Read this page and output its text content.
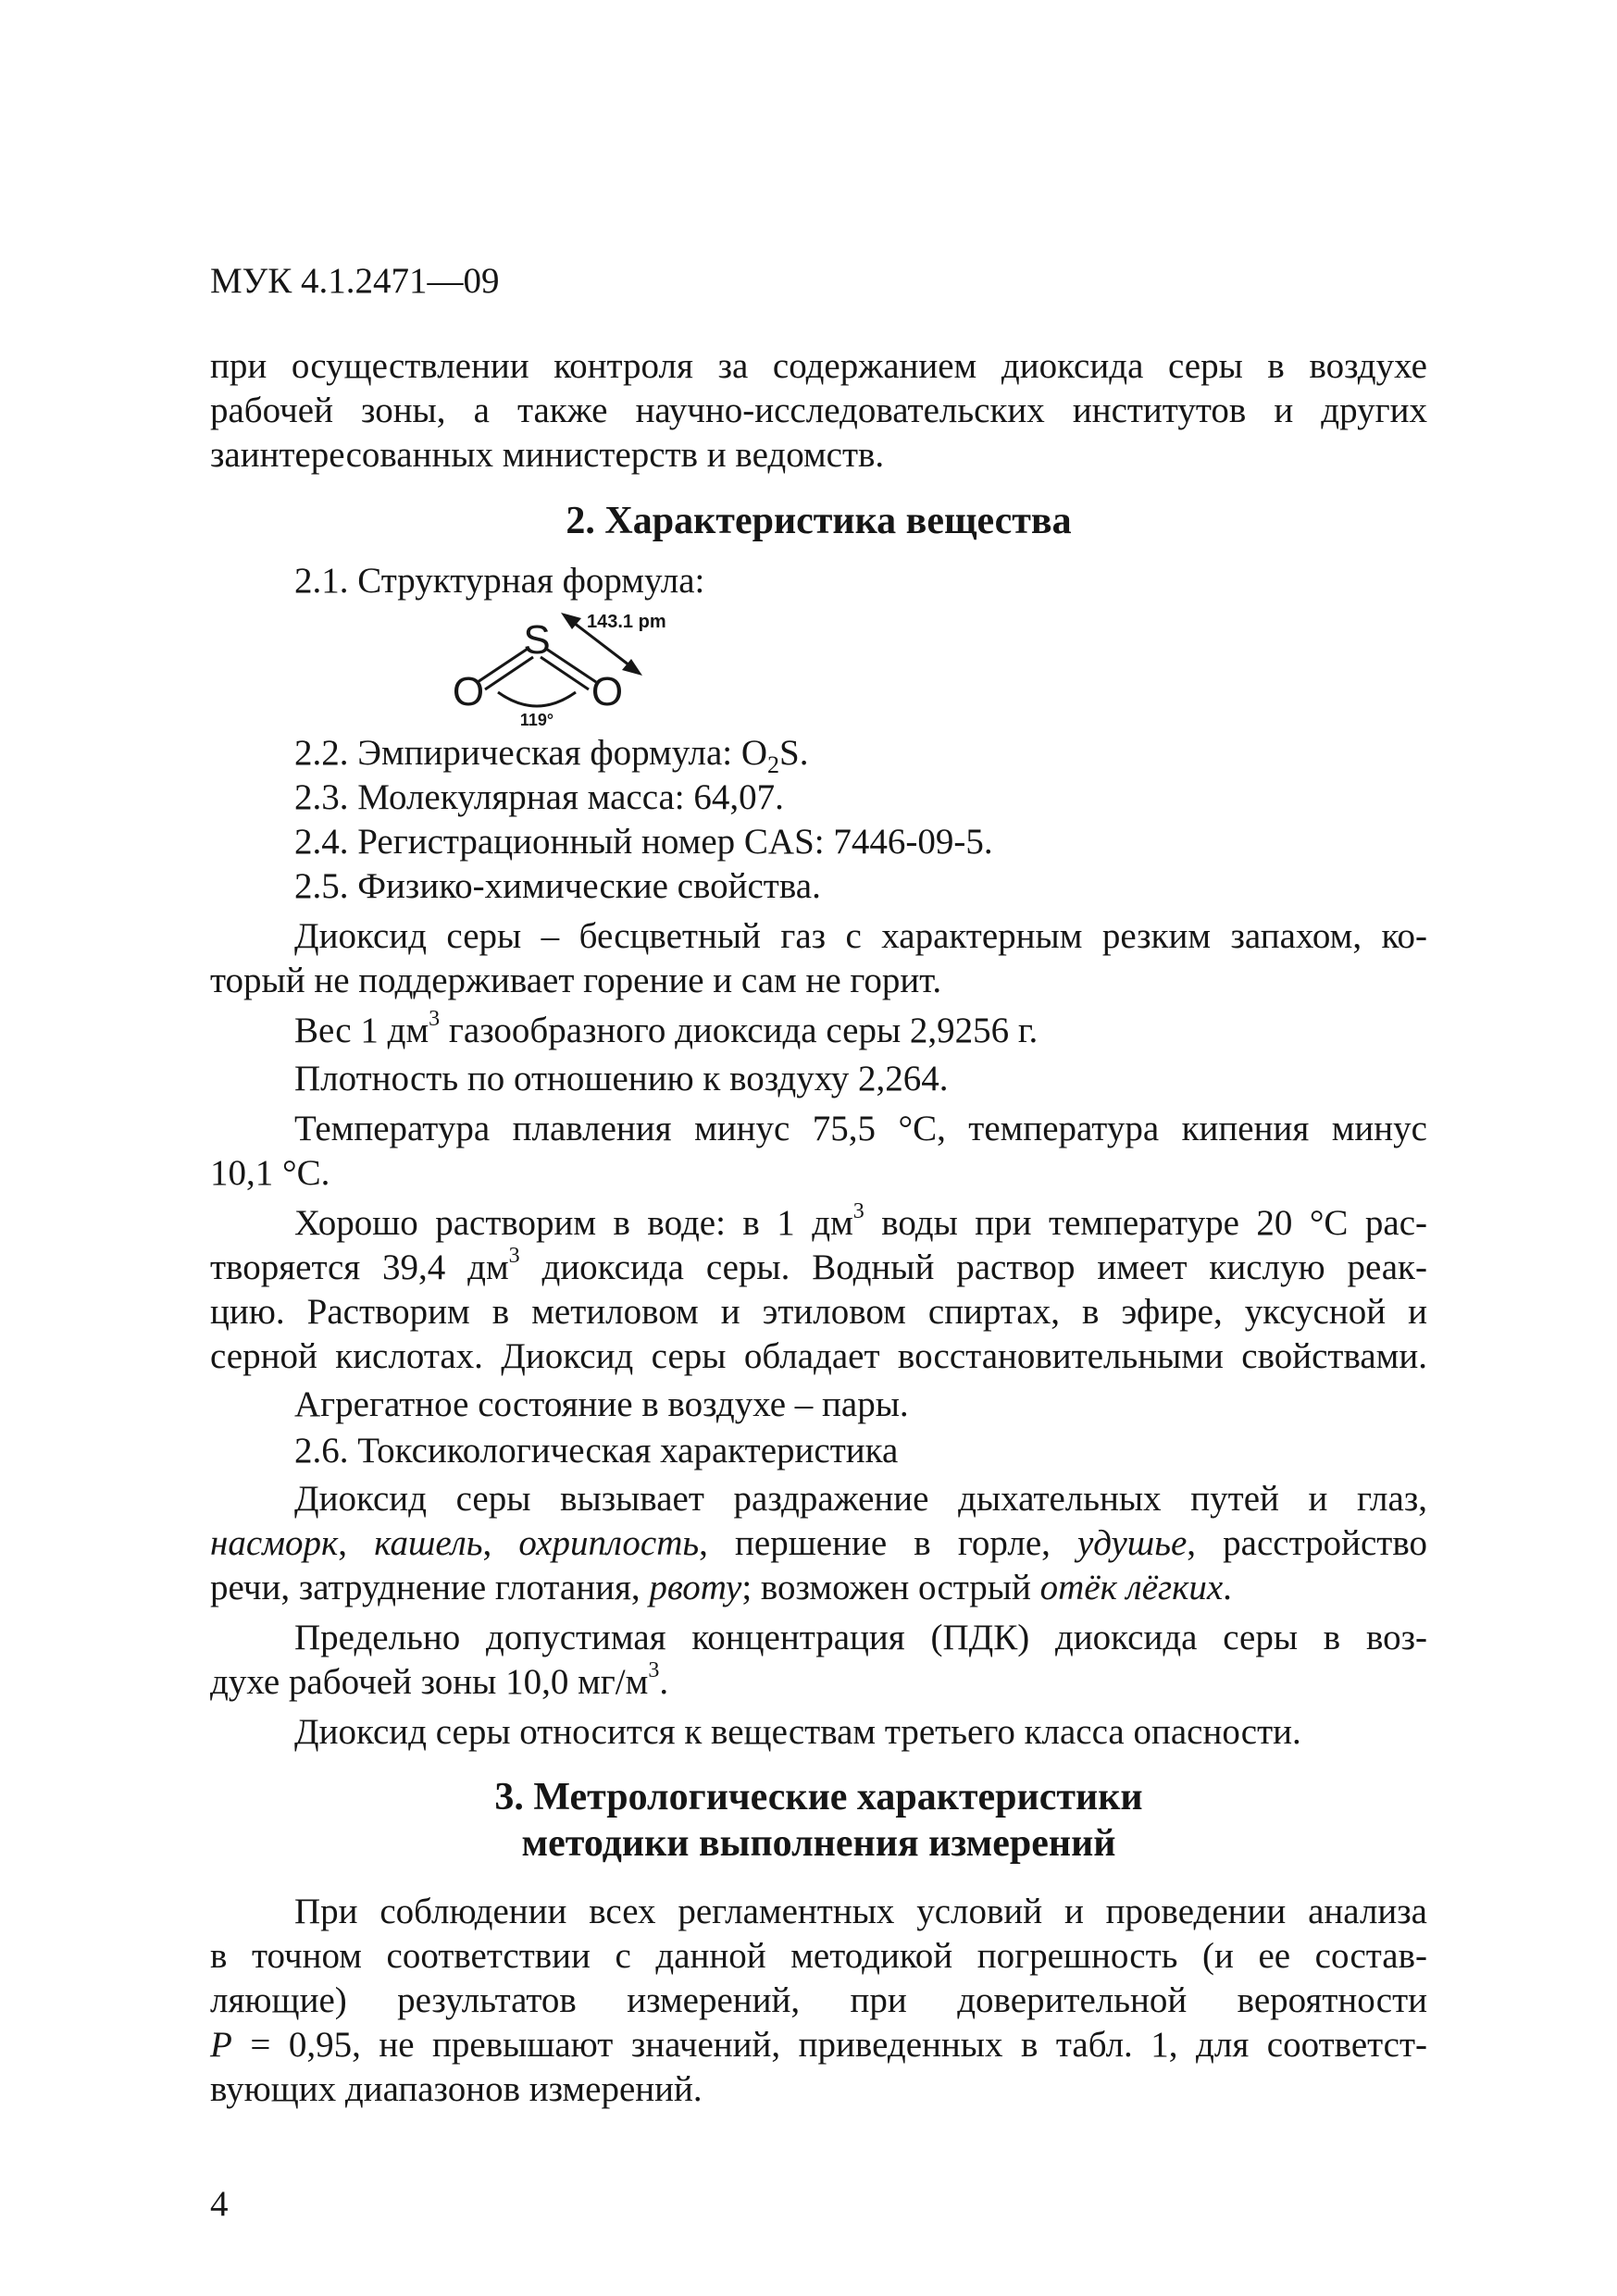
МУК 4.1.2471—09
при осуществлении контроля за содержанием диоксида серы в воздухе
рабочей зоны, а также научно-исследовательских институтов и других
заинтересованных министерств и ведомств.
2. Характеристика вещества
2.1. Структурная формула:
S
O	O
143.1 pm
119°
2.2. Эмпирическая формула: $O_2S$.
2.3. Молекулярная масса: 64,07.
2.4. Регистрационный номер CAS: 7446-09-5.
2.5. Физико-химические свойства.
Диоксид серы – бесцветный газ с характерным резким запахом, ко-
торый не поддерживает горение и сам не горит.
Вес 1 $дм^3$ газообразного диоксида серы 2,9256 г.
Плотность по отношению к воздуху 2,264.
Температура плавления минус 75,5 °С, температура кипения минус
10,1 °С.
Хорошо растворим в воде: в 1 $дм^3$ воды при температуре 20 °С рас-
творяется 39,4 $дм^3$ диоксида серы. Водный раствор имеет кислую реак-
цию. Растворим в метиловом и этиловом спиртах, в эфире, уксусной и
серной кислотах. Диоксид серы обладает восстановительными свойствами.
Агрегатное состояние в воздухе – пары.
2.6. Токсикологическая характеристика
Диоксид серы вызывает раздражение дыхательных путей и глаз,
насморк, кашель, охриплость, першение в горле, удушье, расстройство
речи, затруднение глотания, рвоту; возможен острый отёк лёгких.
Предельно допустимая концентрация (ПДК) диоксида серы в воз-
духе рабочей зоны 10,0 $мг/м^3$.
Диоксид серы относится к веществам третьего класса опасности.
3. Метрологические характеристики
методики выполнения измерений
При соблюдении всех регламентных условий и проведении анализа
в точном соответствии с данной методикой погрешность (и ее состав-
ляющие) результатов измерений, при доверительной вероятности
P = 0,95, не превышают значений, приведенных в табл. 1, для соответст-
вующих диапазонов измерений.
4
